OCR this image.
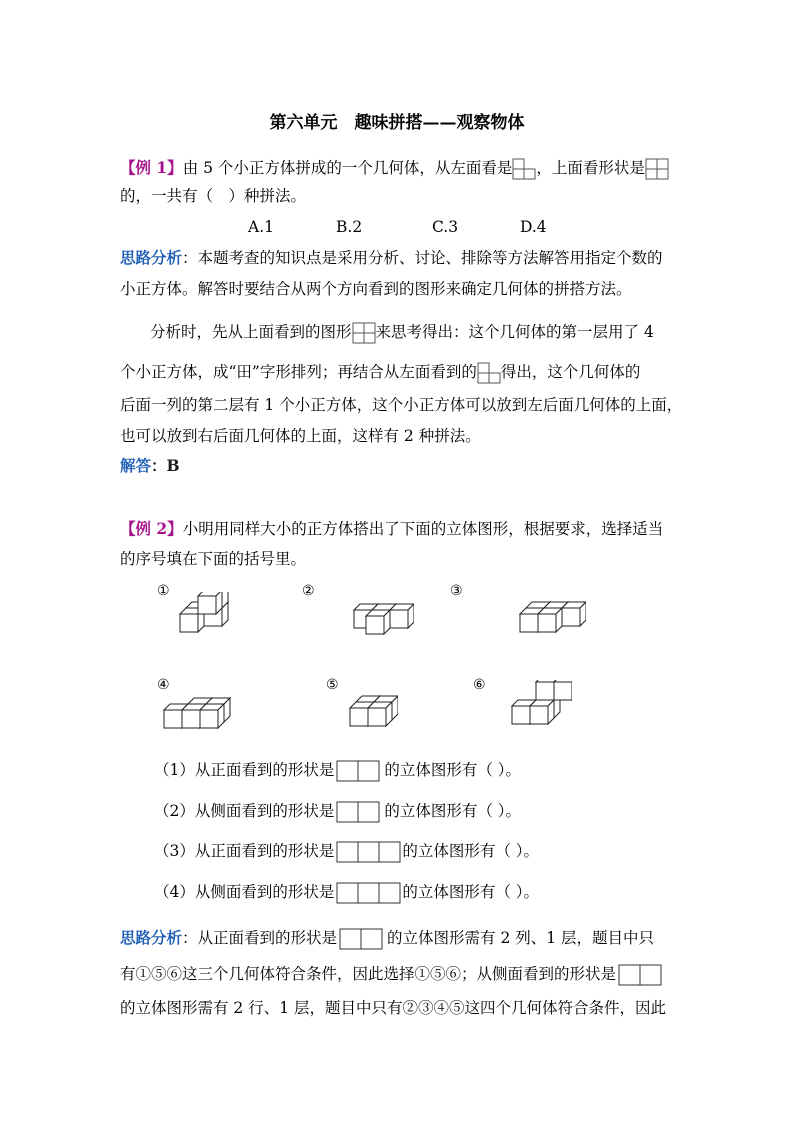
第六单元　趣味拼搭——观察物体
【例 1】由 5 个小正方体拼成的一个几何体，从左面看是 ，上面看形状是
的，一共有（　）种拼法。
A.1	B.2	C.3	D.4
思路分析：本题考查的知识点是采用分析、讨论、排除等方法解答用指定个数的
小正方体。解答时要结合从两个方向看到的图形来确定几何体的拼搭方法。
分析时，先从上面看到的图形 来思考得出：这个几何体的第一层用了 4
个小正方体，成“田”字形排列；再结合从左面看到的 得出，这个几何体的
后面一列的第二层有 1 个小正方体，这个小正方体可以放到左后面几何体的上面，
也可以放到右后面几何体的上面，这样有 2 种拼法。
解答：B
【例 2】小明用同样大小的正方体搭出了下面的立体图形，根据要求，选择适当
的序号填在下面的括号里。
①	②	③
④	⑤	⑥
（1）从正面看到的形状是	的立体图形有（ ）。
（2）从侧面看到的形状是	的立体图形有（ ）。
（3）从正面看到的形状是	的立体图形有（ ）。
（4）从侧面看到的形状是	的立体图形有（ ）。
思路分析：从正面看到的形状是	的立体图形需有 2 列、1 层，题目中只
有①⑤⑥这三个几何体符合条件，因此选择①⑤⑥；从侧面看到的形状是
的立体图形需有 2 行、1 层，题目中只有②③④⑤这四个几何体符合条件，因此
